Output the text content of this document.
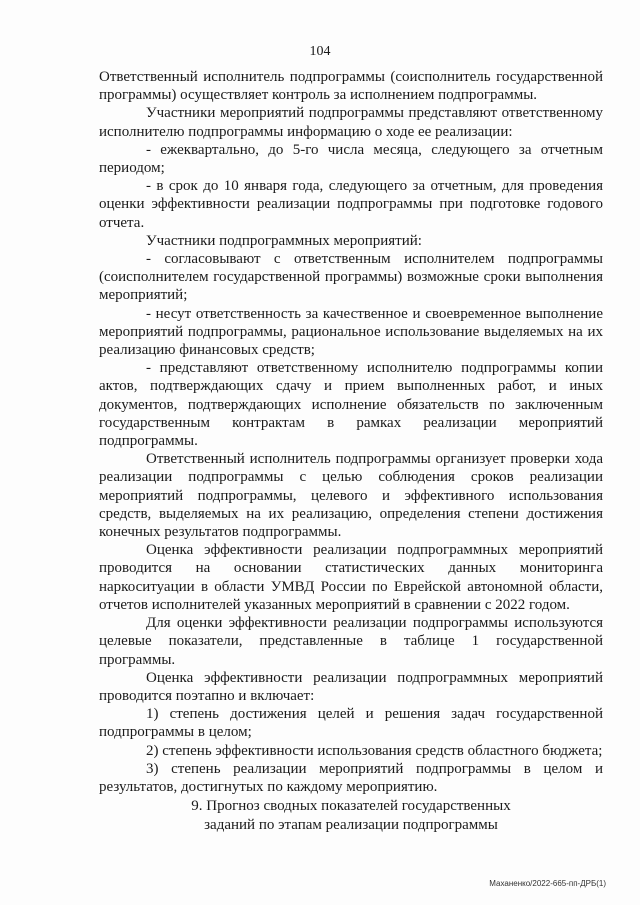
104

Ответственный исполнитель подпрограммы (соисполнитель государственной программы) осуществляет контроль за исполнением подпрограммы.

Участники мероприятий подпрограммы представляют ответственному исполнителю подпрограммы информацию о ходе ее реализации:

- ежеквартально, до 5-го числа месяца, следующего за отчетным периодом;

- в срок до 10 января года, следующего за отчетным, для проведения оценки эффективности реализации подпрограммы при подготовке годового отчета.

Участники подпрограммных мероприятий:

- согласовывают с ответственным исполнителем подпрограммы (соисполнителем государственной программы) возможные сроки выполнения мероприятий;

- несут ответственность за качественное и своевременное выполнение мероприятий подпрограммы, рациональное использование выделяемых на их реализацию финансовых средств;

- представляют ответственному исполнителю подпрограммы копии актов, подтверждающих сдачу и прием выполненных работ, и иных документов, подтверждающих исполнение обязательств по заключенным государственным контрактам в рамках реализации мероприятий подпрограммы.

Ответственный исполнитель подпрограммы организует проверки хода реализации подпрограммы с целью соблюдения сроков реализации мероприятий подпрограммы, целевого и эффективного использования средств, выделяемых на их реализацию, определения степени достижения конечных результатов подпрограммы.

Оценка эффективности реализации подпрограммных мероприятий проводится на основании статистических данных мониторинга наркоситуации в области УМВД России по Еврейской автономной области, отчетов исполнителей указанных мероприятий в сравнении с 2022 годом.

Для оценки эффективности реализации подпрограммы используются целевые показатели, представленные в таблице 1 государственной программы.

Оценка эффективности реализации подпрограммных мероприятий проводится поэтапно и включает:

1) степень достижения целей и решения задач государственной подпрограммы в целом;

2) степень эффективности использования средств областного бюджета;

3) степень реализации мероприятий подпрограммы в целом и результатов, достигнутых по каждому мероприятию.

9. Прогноз сводных показателей государственных
заданий по этапам реализации подпрограммы
Маханенко/2022-665-пп-ДРБ(1)
